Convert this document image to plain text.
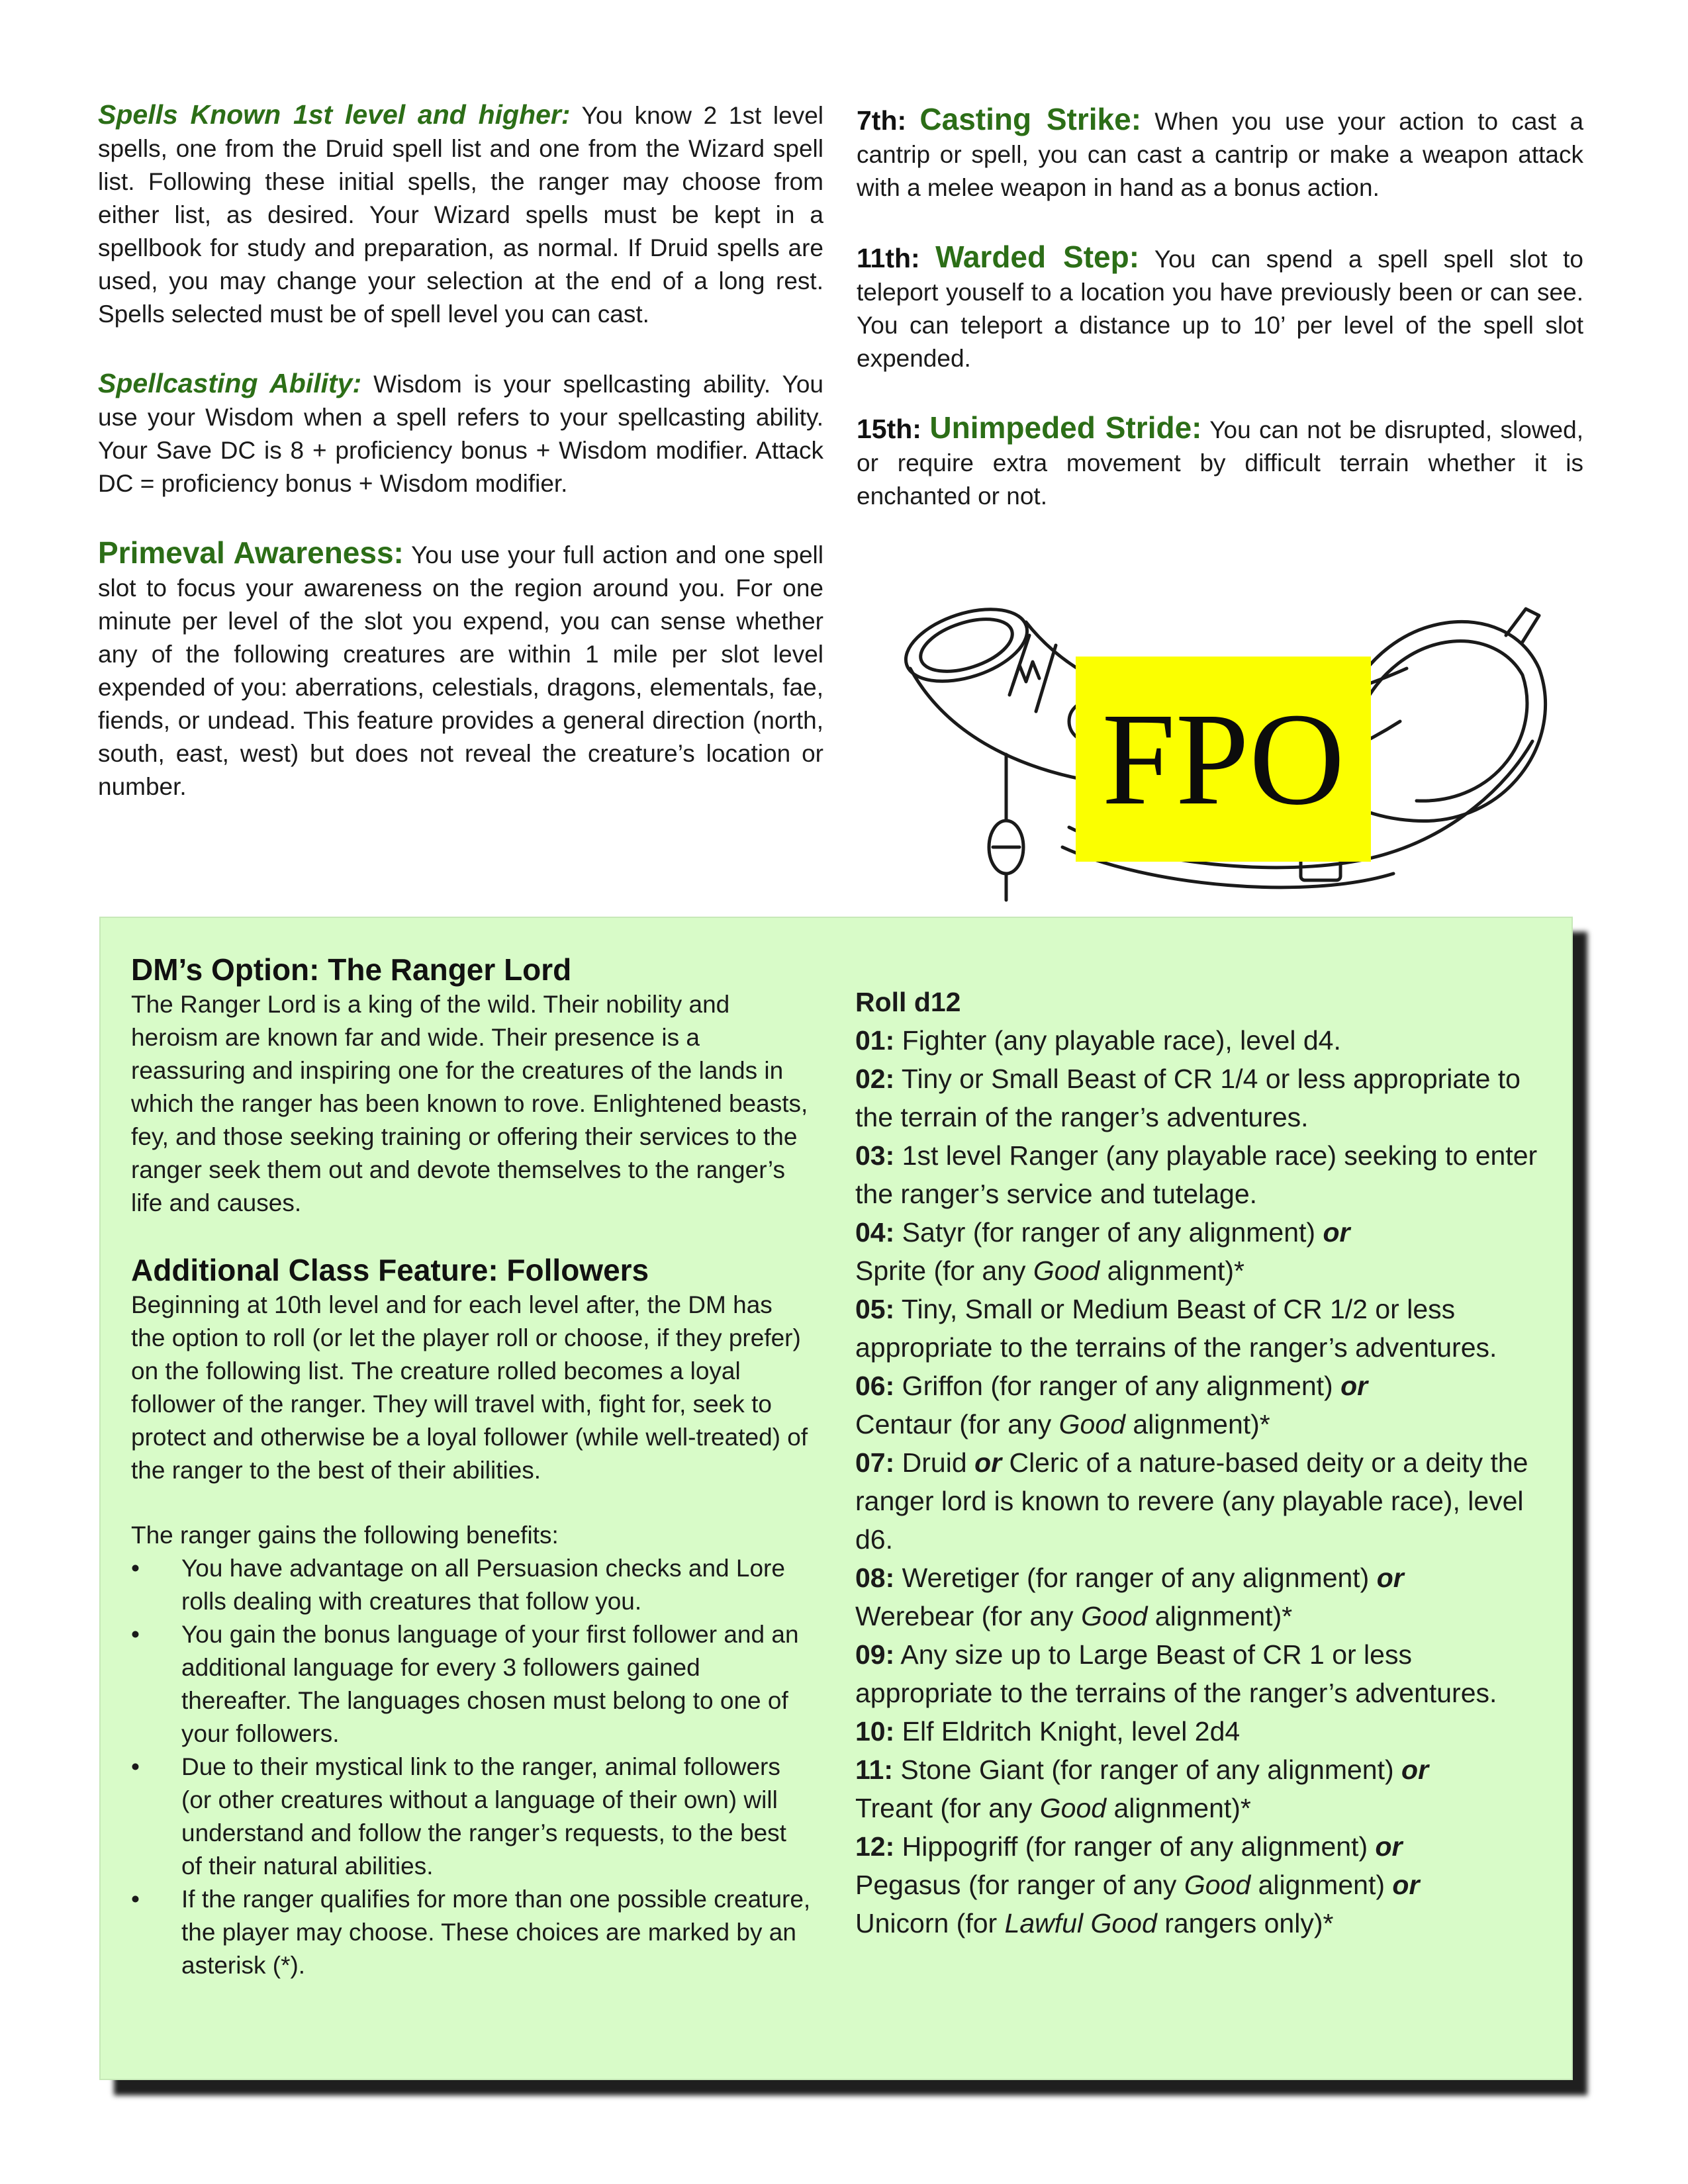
Spells Known 1st level and higher: You know 2 1st level spells, one from the Druid spell list and one from the Wizard spell list. Following these initial spells, the ranger may choose from either list, as desired. Your Wizard spells must be kept in a spellbook for study and preparation, as normal. If Druid spells are used, you may change your selection at the end of a long rest. Spells selected must be of spell level you can cast.

Spellcasting Ability: Wisdom is your spellcasting ability. You use your Wisdom when a spell refers to your spellcasting ability. Your Save DC is 8 + proficiency bonus + Wisdom modifier. Attack DC = proficiency bonus + Wisdom modifier.

Primeval Awareness: You use your full action and one spell slot to focus your awareness on the region around you. For one minute per level of the slot you expend, you can sense whether any of the following creatures are within 1 mile per slot level expended of you: aberrations, celestials, dragons, elementals, fae, fiends, or undead. This feature provides a general direction (north, south, east, west) but does not reveal the creature’s location or number.

7th: Casting Strike: When you use your action to cast a cantrip or spell, you can cast a cantrip or make a weapon attack with a melee weapon in hand as a bonus action.

11th: Warded Step: You can spend a spell spell slot to teleport youself to a location you have previously been or can see. You can teleport a distance up to 10’ per level of the spell slot expended.

15th: Unimpeded Stride: You can not be disrupted, slowed, or require extra movement by difficult terrain whether it is enchanted or not.

FPO
DM’s Option: The Ranger Lord

The Ranger Lord is a king of the wild. Their nobility and heroism are known far and wide. Their presence is a reassuring and inspiring one for the creatures of the lands in which the ranger has been known to rove. Enlightened beasts, fey, and those seeking training or offering their services to the ranger seek them out and devote themselves to the ranger’s life and causes.

Additional Class Feature: Followers

Beginning at 10th level and for each level after, the DM has the option to roll (or let the player roll or choose, if they prefer) on the following list. The creature rolled becomes a loyal follower of the ranger. They will travel with, fight for, seek to protect and otherwise be a loyal follower (while well-treated) of the ranger to the best of their abilities.

The ranger gains the following benefits:
• You have advantage on all Persuasion checks and Lore rolls dealing with creatures that follow you.
• You gain the bonus language of your first follower and an additional language for every 3 followers gained thereafter. The languages chosen must belong to one of your followers.
• Due to their mystical link to the ranger, animal followers (or other creatures without a language of their own) will understand and follow the ranger’s requests, to the best of their natural abilities.
• If the ranger qualifies for more than one possible creature, the player may choose. These choices are marked by an asterisk (*).
Roll d12
01: Fighter (any playable race), level d4.
02: Tiny or Small Beast of CR 1/4 or less appropriate to the terrain of the ranger’s adventures.
03: 1st level Ranger (any playable race) seeking to enter the ranger’s service and tutelage.
04: Satyr (for ranger of any alignment) or
Sprite (for any Good alignment)*
05: Tiny, Small or Medium Beast of CR 1/2 or less appropriate to the terrains of the ranger’s adventures.
06: Griffon (for ranger of any alignment) or
Centaur (for any Good alignment)*
07: Druid or Cleric of a nature-based deity or a deity the ranger lord is known to revere (any playable race), level d6.
08: Weretiger (for ranger of any alignment) or
Werebear (for any Good alignment)*
09: Any size up to Large Beast of CR 1 or less appropriate to the terrains of the ranger’s adventures.
10: Elf Eldritch Knight, level 2d4
11: Stone Giant (for ranger of any alignment) or
Treant (for any Good alignment)*
12: Hippogriff (for ranger of any alignment) or
Pegasus (for ranger of any Good alignment) or
Unicorn (for Lawful Good rangers only)*
